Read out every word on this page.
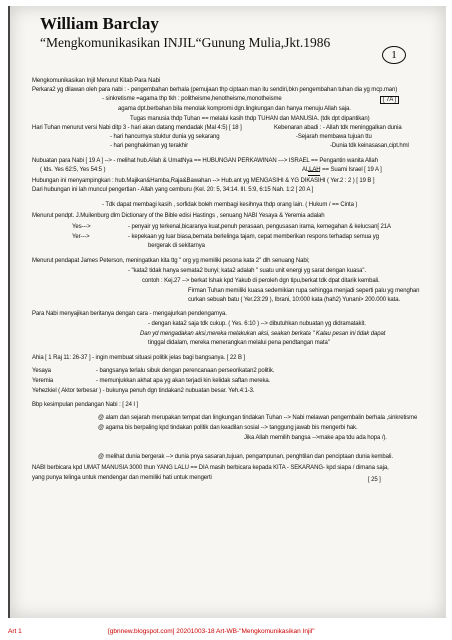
William Barclay
“Mengkomunikasikan INJIL“Gunung Mulia,Jkt.1986
1
Mengkomunikasikan Injil Menurut Kitab Para Nabi
Perkara2 yg dilawan oleh para nabi : - pengembahan berhala (pemujaan thp ciptaan man itu sendiri,bkn pengembahan tuhan dia yg mcp.man)
- sinkretisme =agama thp tkh : politheisme,henotheisme,monotheisme	[ 7A ]
agama dpt.berbahan bila menolak kompromi dgn.lingkungan dan hanya menuju Allah saja.
Tugas manusia thdp Tuhan == melalui kasih thdp TUHAN dan MANUSIA. (tdk dpt dipantikan)
Hari Tuhan menurut versi Nabi ditp 3 - hari akan datang mendadak (Mal 4:5) [ 18 ]	Kebenaran abadi : - Allah tdk meninggalkan dunia
- hari hancurnya stuktur dunia yg sekarang	-Sejarah membawa tujuan ttu
- hari penghakiman yg terakhir	-Dunia tdk keinasasan,cipt.hml
Nubuatan para Nabi [ 19 A ] --> - melihat hub.Allah & UmatNya == HUBUNGAN PERKAWINAN ---> ISRAEL == Pengantin wanita Allah
( Ids. Yes 62:5, Yes 54:5 )	ALLAH == Suami Israel [ 19 A ]
Hubungan ini menyampingkan : hub.Majikan&Hamba,Raja&Bawahan --> Hub.ant yg MENGASIHI & YG DIKASIHI ( Yer.2 : 2 ) [ 19 B ]
Dari hubungan ini lah muncul pengertian - Allah yang cemburu (Kel. 20: 5, 34:14. III. 5:9, 6:15 Nah. 1:2 [ 20 A ]
- Tdk dapat membagi kasih , sorfidak boleh membagi kesihnya thdp orang lain. ( Hukum / == Cinta )
Menurut pendpt. J.Muilenburg dlm Dictionary of the Bible edisi Hastings , senuang NABI Yesaya & Yeremia adalah
Yes--->	- penyair yg terkenal,bicaranya kuat,penuh perasaan, pengusasan irama, kemegahan & kelucsan[ 21A
Yer--->	- kepekaan yg luar biasa,bernata berlelinga tajam, cepat memberikan respons terhadap semua yg
bergerak di sekitarnya
Menurut pendapat James Peterson, meningatkan kita ttg " org yg memiliki pesona kata 2" dlh senuang Nabi;
- "kata2 tidak hanya semata2 bunyi; kata2 adalah " suatu unit energi yg sarat dengan kuasa".
contoh : Kej.27 --> berkat Ishak kpd Yakub di peroleh dgn tipu,berkat tdk dpat ditarik kembali.
Firman Tuhan memiliki kuasa sedemikian rupa sehingga menjadi seperti palu yg menghan
curkan sebuah batu ( Yer.23:29 ), Ibrani, 10:000 kata (hah2) Yunani> 200.000 kata.
Para Nabi menyajikan beritanya dengan cara - mengajurkan pendengarnya.
- dengan kata2 saja tdk cukup. ( Yes. 6:10 ) --> dibutuhkan nubuatan yg didramatakit.
Dan yd mengadakan aksi,mereka melakukan aksi, seakan berkata " Kalau pesan ini tidak dapat
tinggal didalam, mereka menerangkan melalui pena pendtangan mata"
Ahia [ 1 Raj 11: 26-37 ] - ingin membuat situasi politik jelas bagi bangsanya. [ 22 B ]
Yesaya	- bangsanya terlalu sibuk dengan perencanaan perseorikatan2 politik.
Yeremia	- memunjukkan akhat apa yg akan terjadi kin kelidak saftan mereka.
Yehezkiel ( Aktor terbesar ) - bukunya penuh dgn tindakan2 nubuatan besar. Yeh.4:1-3.
Bbp kesimpulan pendangan Nabi : [ 24 I ]
@ alam dan sejarah merupakan tempat dan lingkungan tindakan Tuhan --> Nabi melawan pengembalin berhala ,sinkretisme
@ agama bis berpaling kpd tindakan politik dan keadilan sosial --> tanggung jawab bis mengerbi hak.
Jika Allah memilih bangsa -->make apa tdu ada hopa /).
@ melihat dunia bergerak --> dunia pnya sasaran,tujuan, pengampunan, penghtilan dan penciptaan dunia kembali.
NABI berbicara kpd UMAT MANUSIA 3000 thun YANG LALU == DIA masih berbicara kepada KITA - SEKARANG- kpd siapa / dimana saja,
yang punya telinga untuk mendengar dan memiliki hati untuk mengerti	[ 25 ]
Art 1	[gbnnew.blogspot.com] 20201003-18 Art-WB-"Mengkomunikasikan Injil"
